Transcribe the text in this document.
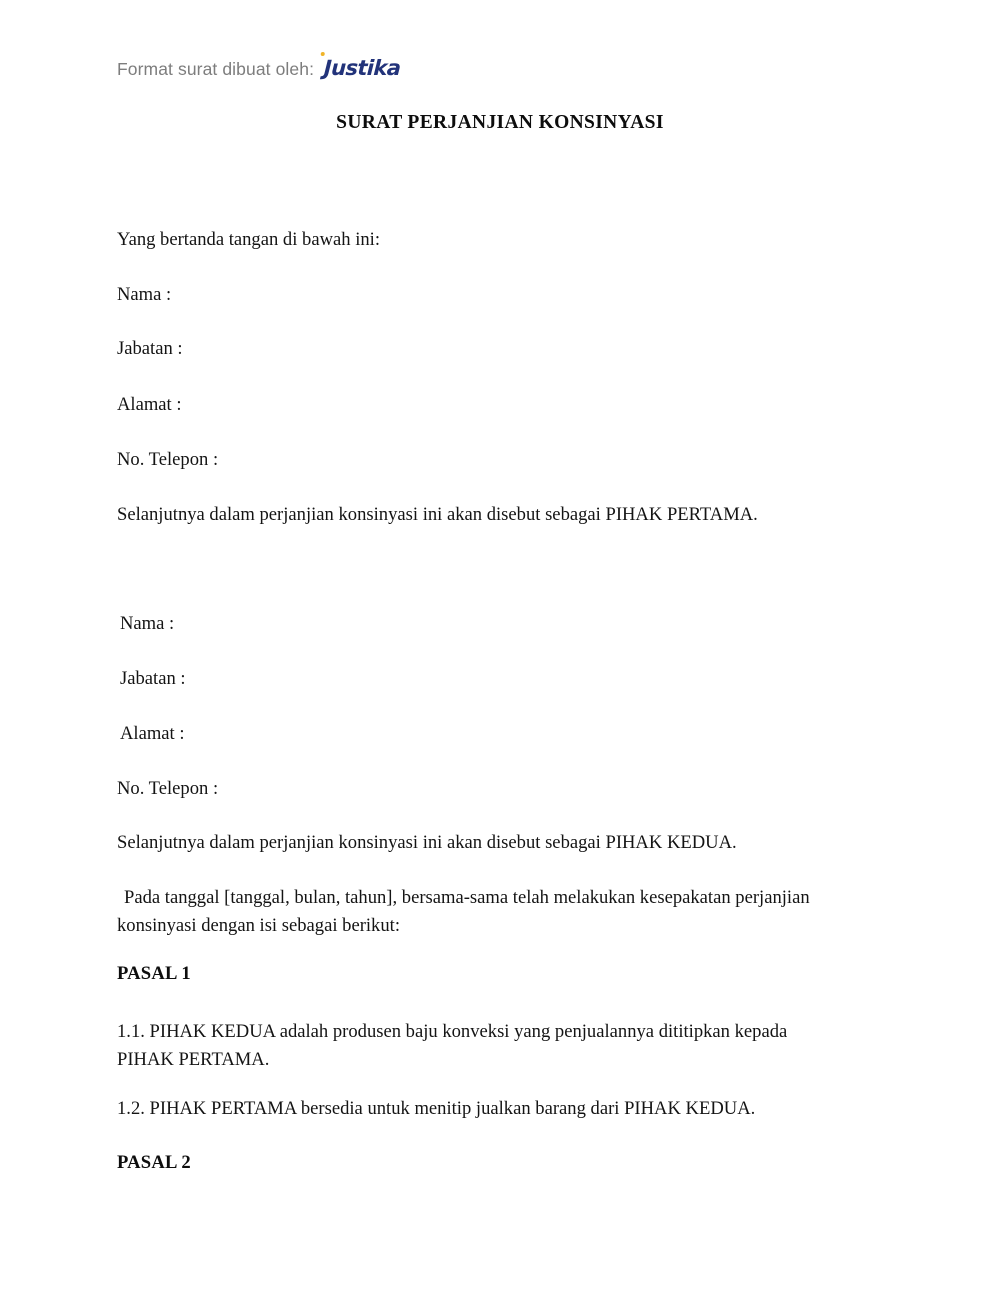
Format surat dibuat oleh: Justika
SURAT PERJANJIAN KONSINYASI
Yang bertanda tangan di bawah ini:
Nama :
Jabatan :
Alamat :
No. Telepon :
Selanjutnya dalam perjanjian konsinyasi ini akan disebut sebagai PIHAK PERTAMA.
Nama :
Jabatan :
Alamat :
No. Telepon :
Selanjutnya dalam perjanjian konsinyasi ini akan disebut sebagai PIHAK KEDUA.
Pada tanggal [tanggal, bulan, tahun], bersama-sama telah melakukan kesepakatan perjanjian konsinyasi dengan isi sebagai berikut:
PASAL 1
1.1. PIHAK KEDUA adalah produsen baju konveksi yang penjualannya dititipkan kepada PIHAK PERTAMA.
1.2. PIHAK PERTAMA bersedia untuk menitip jualkan barang dari PIHAK KEDUA.
PASAL 2
